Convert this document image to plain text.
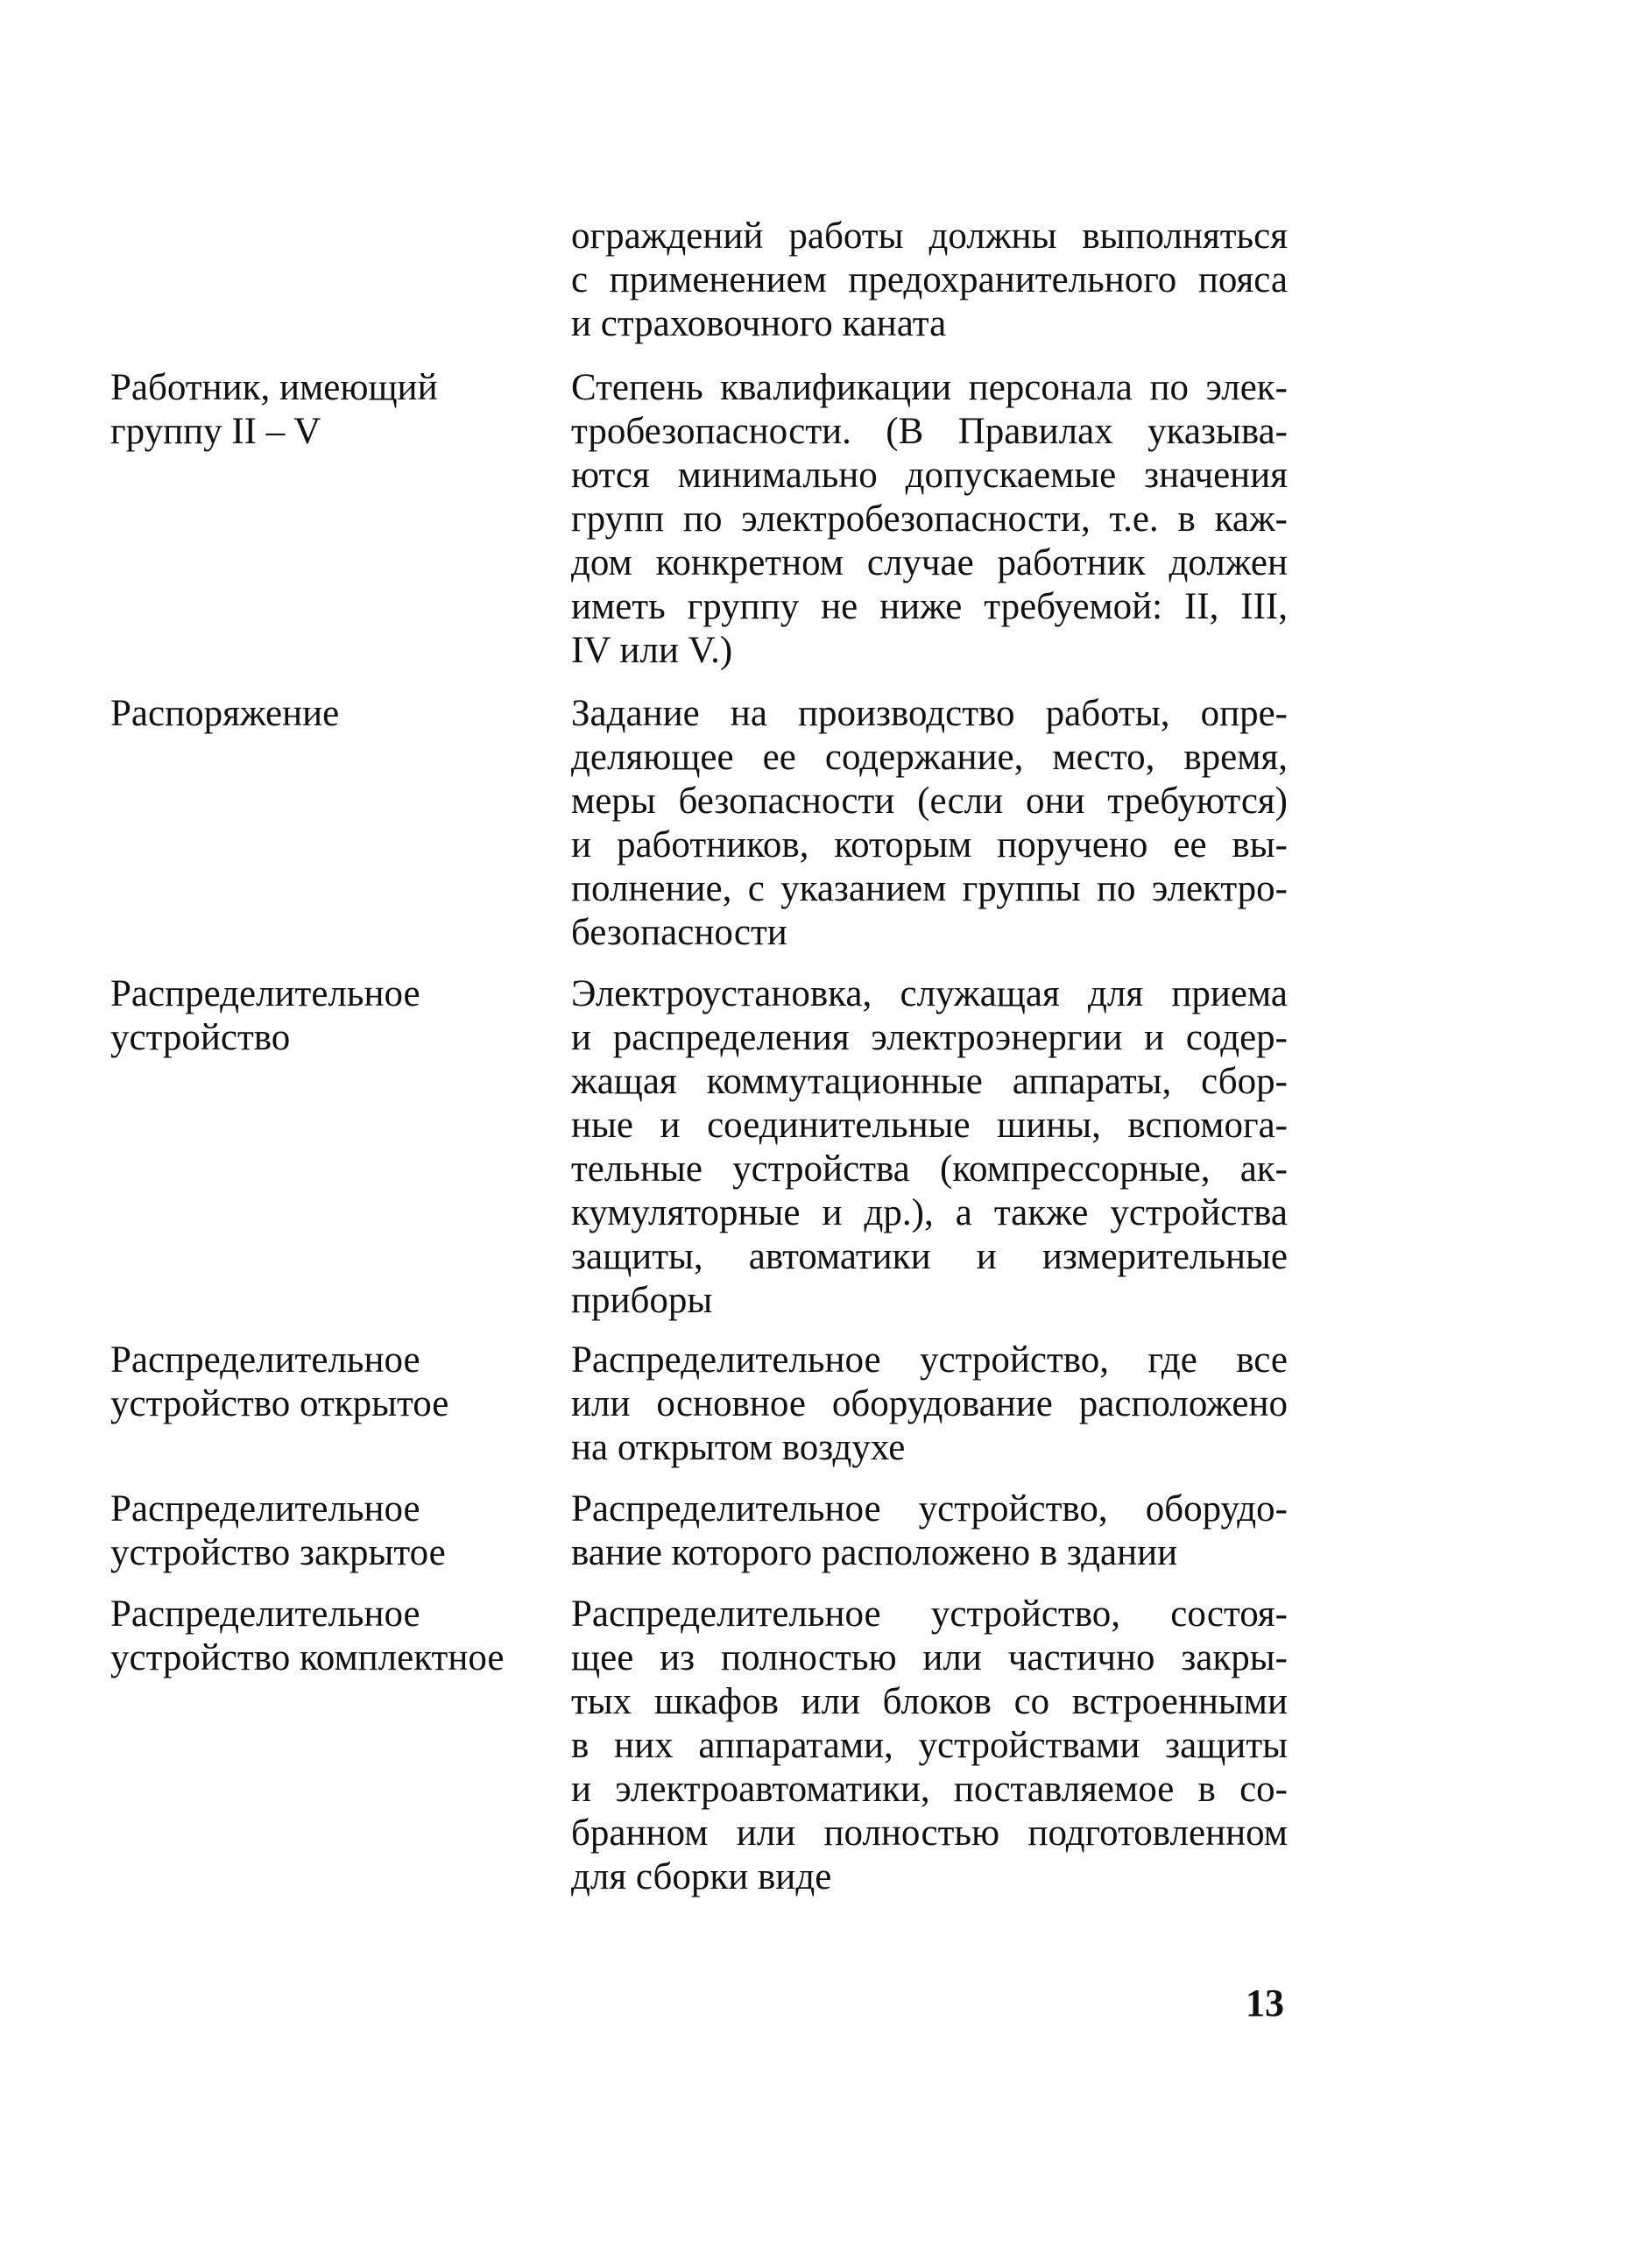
ограждений работы должны выполняться
с применением предохранительного пояса
и страховочного каната
Работник, имеющий
группу II – V
Степень квалификации персонала по элек-
тробезопасности. (В Правилах указыва-
ются минимально допускаемые значения
групп по электробезопасности, т.е. в каж-
дом конкретном случае работник должен
иметь группу не ниже требуемой: II, III,
IV или V.)
Распоряжение	Задание на производство работы, опре-
деляющее ее содержание, место, время,
меры безопасности (если они требуются)
и работников, которым поручено ее вы-
полнение, с указанием группы по электро-
безопасности
Распределительное
устройство
Электроустановка, служащая для приема
и распределения электроэнергии и содер-
жащая коммутационные аппараты, сбор-
ные и соединительные шины, вспомога-
тельные устройства (компрессорные, ак-
кумуляторные и др.), а также устройства
защиты, автоматики и измерительные
приборы
Распределительное
устройство открытое
Распределительное устройство, где все
или основное оборудование расположено
на открытом воздухе
Распределительное
устройство закрытое
Распределительное устройство, оборудо-
вание которого расположено в здании
Распределительное
устройство комплектное
Распределительное устройство, состоя-
щее из полностью или частично закры-
тых шкафов или блоков со встроенными
в них аппаратами, устройствами защиты
и электроавтоматики, поставляемое в со-
бранном или полностью подготовленном
для сборки виде
13
